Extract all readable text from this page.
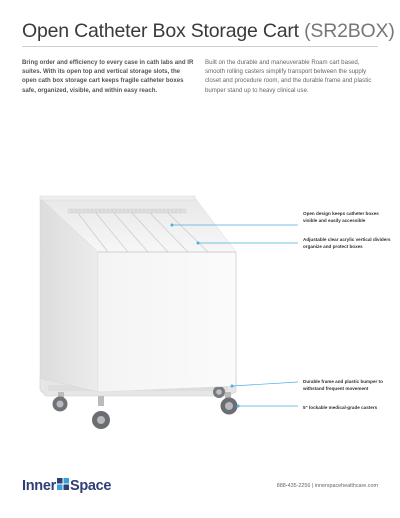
Open Catheter Box Storage Cart (SR2BOX)

Bring order and efficiency to every case in cath labs and IR suites. With its open top and vertical storage slots, the open cath box storage cart keeps fragile catheter boxes safe, organized, visible, and within easy reach.

Built on the durable and maneuverable Roam cart based, smooth rolling casters simplify transport between the supply closet and procedure room, and the durable frame and plastic bumper stand up to heavy clinical use.

Open design keeps catheter boxes visible and easily accessible
Adjustable clear acrylic vertical dividers organize and protect boxes
Durable frame and plastic bumper to withstand frequent movement
5" lockable medical-grade casters
Inner Space	888-435-2256 | innerspacehealthcare.com
